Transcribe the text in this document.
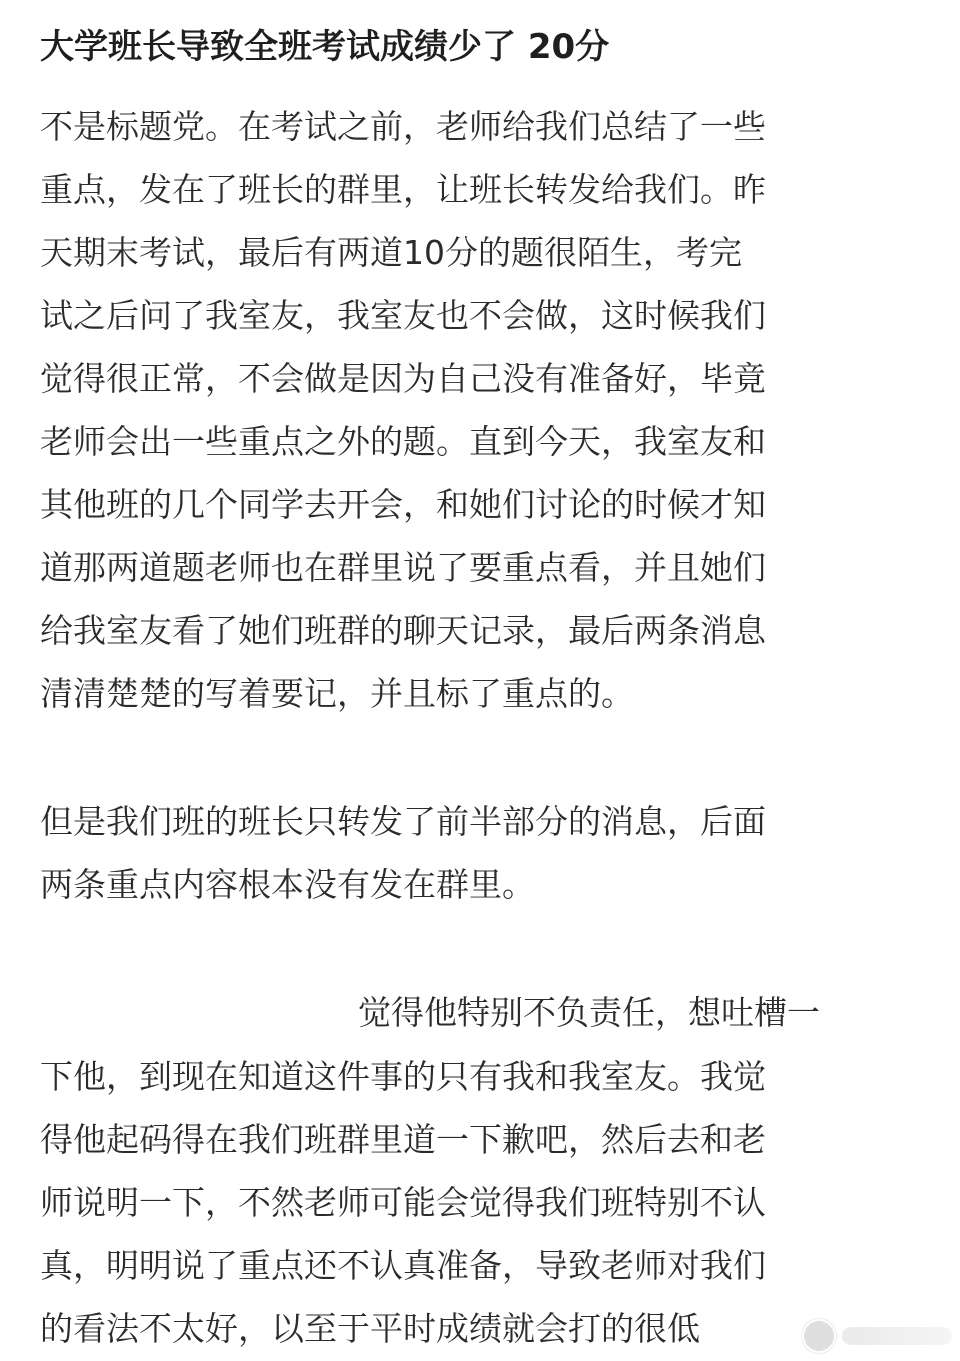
大学班长导致全班考试成绩少了 20分
不是标题党。在考试之前，老师给我们总结了一些
重点，发在了班长的群里，让班长转发给我们。昨
天期末考试，最后有两道10分的题很陌生，考完
试之后问了我室友，我室友也不会做，这时候我们
觉得很正常，不会做是因为自己没有准备好，毕竟
老师会出一些重点之外的题。直到今天，我室友和
其他班的几个同学去开会，和她们讨论的时候才知
道那两道题老师也在群里说了要重点看，并且她们
给我室友看了她们班群的聊天记录，最后两条消息
清清楚楚的写着要记，并且标了重点的。
但是我们班的班长只转发了前半部分的消息，后面
两条重点内容根本没有发在群里。
觉得他特别不负责任，想吐槽一
下他，到现在知道这件事的只有我和我室友。我觉
得他起码得在我们班群里道一下歉吧，然后去和老
师说明一下，不然老师可能会觉得我们班特别不认
真，明明说了重点还不认真准备，导致老师对我们
的看法不太好，以至于平时成绩就会打的很低
